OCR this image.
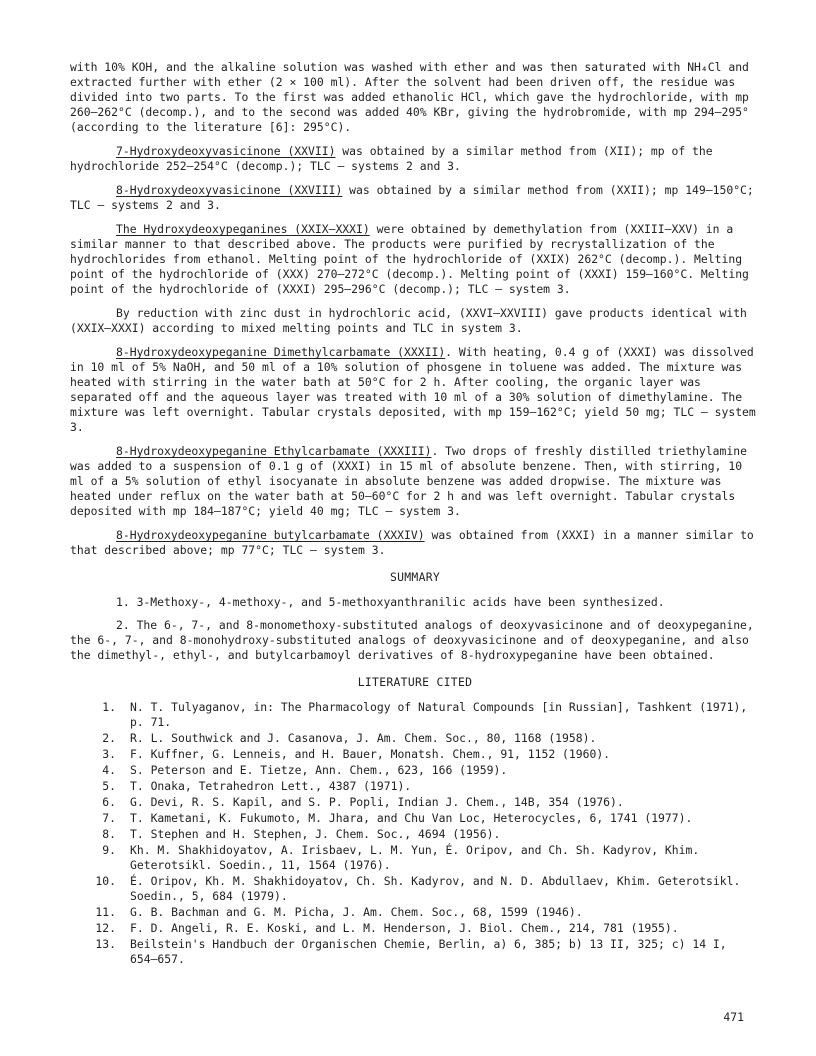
with 10% KOH, and the alkaline solution was washed with ether and was then saturated with NH₄Cl and extracted further with ether (2 × 100 ml). After the solvent had been driven off, the residue was divided into two parts. To the first was added ethanolic HCl, which gave the hydrochloride, with mp 260–262°C (decomp.), and to the second was added 40% KBr, giving the hydrobromide, with mp 294–295° (according to the literature [6]: 295°C).

7-Hydroxydeoxyvasicinone (XXVII) was obtained by a similar method from (XII); mp of the hydrochloride 252–254°C (decomp.); TLC — systems 2 and 3.

8-Hydroxydeoxyvasicinone (XXVIII) was obtained by a similar method from (XXII); mp 149–150°C; TLC — systems 2 and 3.

The Hydroxydeoxypeganines (XXIX–XXXI) were obtained by demethylation from (XXIII–XXV) in a similar manner to that described above. The products were purified by recrystallization of the hydrochlorides from ethanol. Melting point of the hydrochloride of (XXIX) 262°C (decomp.). Melting point of the hydrochloride of (XXX) 270–272°C (decomp.). Melting point of (XXXI) 159–160°C. Melting point of the hydrochloride of (XXXI) 295–296°C (decomp.); TLC — system 3.

By reduction with zinc dust in hydrochloric acid, (XXVI–XXVIII) gave products identical with (XXIX–XXXI) according to mixed melting points and TLC in system 3.

8-Hydroxydeoxypeganine Dimethylcarbamate (XXXII). With heating, 0.4 g of (XXXI) was dissolved in 10 ml of 5% NaOH, and 50 ml of a 10% solution of phosgene in toluene was added. The mixture was heated with stirring in the water bath at 50°C for 2 h. After cooling, the organic layer was separated off and the aqueous layer was treated with 10 ml of a 30% solution of dimethylamine. The mixture was left overnight. Tabular crystals deposited, with mp 159–162°C; yield 50 mg; TLC — system 3.

8-Hydroxydeoxypeganine Ethylcarbamate (XXXIII). Two drops of freshly distilled triethylamine was added to a suspension of 0.1 g of (XXXI) in 15 ml of absolute benzene. Then, with stirring, 10 ml of a 5% solution of ethyl isocyanate in absolute benzene was added dropwise. The mixture was heated under reflux on the water bath at 50–60°C for 2 h and was left overnight. Tabular crystals deposited with mp 184–187°C; yield 40 mg; TLC — system 3.

8-Hydroxydeoxypeganine butylcarbamate (XXXIV) was obtained from (XXXI) in a manner similar to that described above; mp 77°C; TLC — system 3.

SUMMARY

1. 3-Methoxy-, 4-methoxy-, and 5-methoxyanthranilic acids have been synthesized.

2. The 6-, 7-, and 8-monomethoxy-substituted analogs of deoxyvasicinone and of deoxypeganine, the 6-, 7-, and 8-monohydroxy-substituted analogs of deoxyvasicinone and of deoxypeganine, and also the dimethyl-, ethyl-, and butylcarbamoyl derivatives of 8-hydroxypeganine have been obtained.

LITERATURE CITED
1.	N. T. Tulyaganov, in: The Pharmacology of Natural Compounds [in Russian], Tashkent (1971), p. 71.
2.	R. L. Southwick and J. Casanova, J. Am. Chem. Soc., 80, 1168 (1958).
3.	F. Kuffner, G. Lenneis, and H. Bauer, Monatsh. Chem., 91, 1152 (1960).
4.	S. Peterson and E. Tietze, Ann. Chem., 623, 166 (1959).
5.	T. Onaka, Tetrahedron Lett., 4387 (1971).
6.	G. Devi, R. S. Kapil, and S. P. Popli, Indian J. Chem., 14B, 354 (1976).
7.	T. Kametani, K. Fukumoto, M. Jhara, and Chu Van Loc, Heterocycles, 6, 1741 (1977).
8.	T. Stephen and H. Stephen, J. Chem. Soc., 4694 (1956).
9.	Kh. M. Shakhidoyatov, A. Irisbaev, L. M. Yun, É. Oripov, and Ch. Sh. Kadyrov, Khim. Geterotsikl. Soedin., 11, 1564 (1976).
10.	É. Oripov, Kh. M. Shakhidoyatov, Ch. Sh. Kadyrov, and N. D. Abdullaev, Khim. Geterotsikl. Soedin., 5, 684 (1979).
11.	G. B. Bachman and G. M. Picha, J. Am. Chem. Soc., 68, 1599 (1946).
12.	F. D. Angeli, R. E. Koski, and L. M. Henderson, J. Biol. Chem., 214, 781 (1955).
13.	Beilstein's Handbuch der Organischen Chemie, Berlin, a) 6, 385; b) 13 II, 325; c) 14 I, 654–657.
471
